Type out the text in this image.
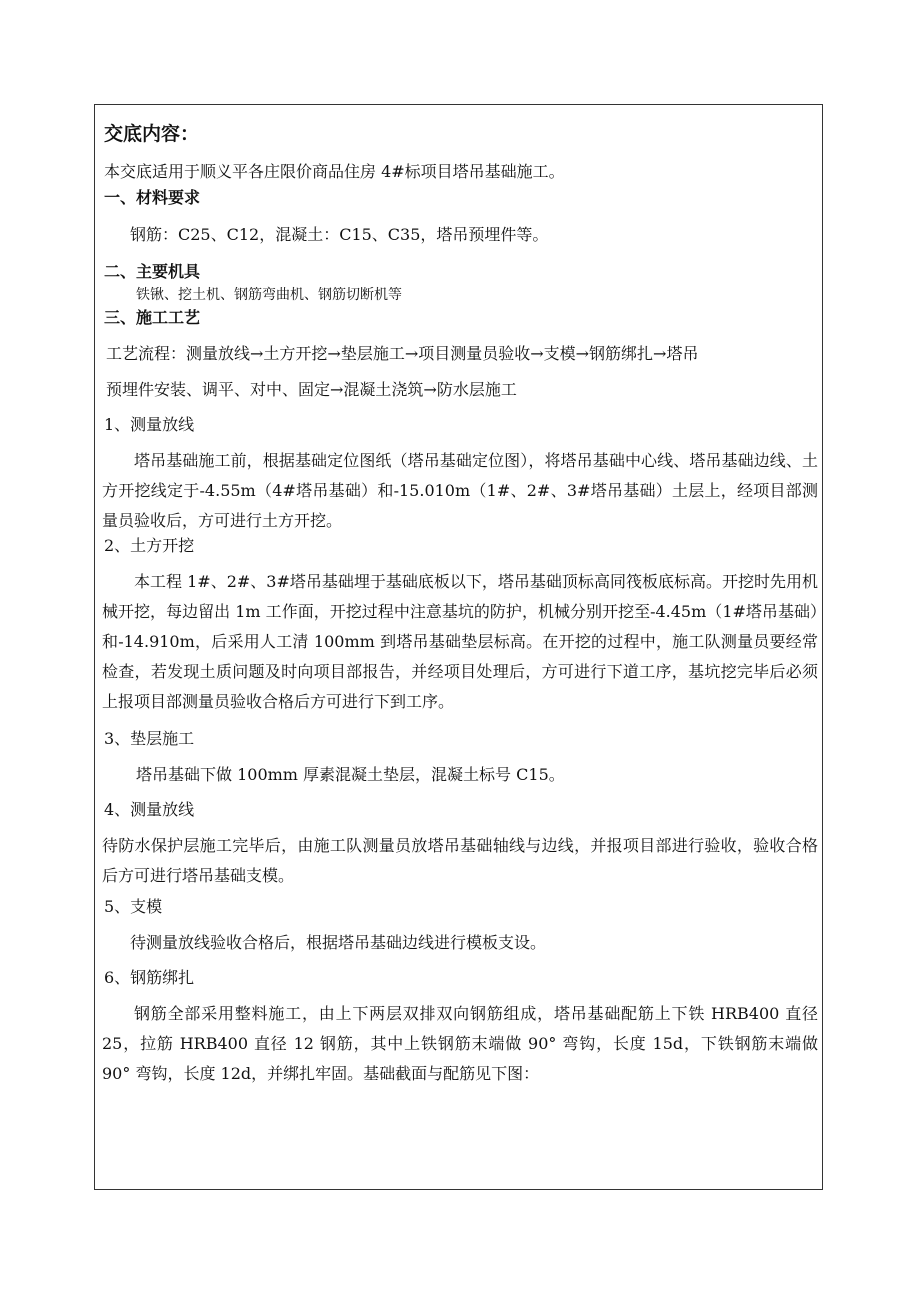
交底内容：
本交底适用于顺义平各庄限价商品住房 4#标项目塔吊基础施工。
一、材料要求
钢筋：C25、C12，混凝土：C15、C35，塔吊预埋件等。
二、主要机具
铁锹、挖土机、钢筋弯曲机、钢筋切断机等
三、施工工艺
工艺流程：测量放线→土方开挖→垫层施工→项目测量员验收→支模→钢筋绑扎→塔吊
预埋件安装、调平、对中、固定→混凝土浇筑→防水层施工
1、测量放线
塔吊基础施工前，根据基础定位图纸（塔吊基础定位图），将塔吊基础中心线、塔吊基础边线、土方开挖线定于-4.55m（4#塔吊基础）和-15.010m（1#、2#、3#塔吊基础）土层上，经项目部测量员验收后，方可进行土方开挖。
2、土方开挖
本工程 1#、2#、3#塔吊基础埋于基础底板以下，塔吊基础顶标高同筏板底标高。开挖时先用机械开挖，每边留出 1m 工作面，开挖过程中注意基坑的防护，机械分别开挖至-4.45m（1#塔吊基础）和-14.910m，后采用人工清 100mm 到塔吊基础垫层标高。在开挖的过程中，施工队测量员要经常检查，若发现土质问题及时向项目部报告，并经项目处理后，方可进行下道工序，基坑挖完毕后必须上报项目部测量员验收合格后方可进行下到工序。
3、垫层施工
塔吊基础下做 100mm 厚素混凝土垫层，混凝土标号 C15。
4、测量放线
待防水保护层施工完毕后，由施工队测量员放塔吊基础轴线与边线，并报项目部进行验收，验收合格后方可进行塔吊基础支模。
5、支模
待测量放线验收合格后，根据塔吊基础边线进行模板支设。
6、钢筋绑扎
钢筋全部采用整料施工，由上下两层双排双向钢筋组成，塔吊基础配筋上下铁 HRB400 直径 25，拉筋 HRB400 直径 12 钢筋，其中上铁钢筋末端做 90° 弯钩，长度 15d，下铁钢筋末端做 90° 弯钩，长度 12d，并绑扎牢固。基础截面与配筋见下图：
